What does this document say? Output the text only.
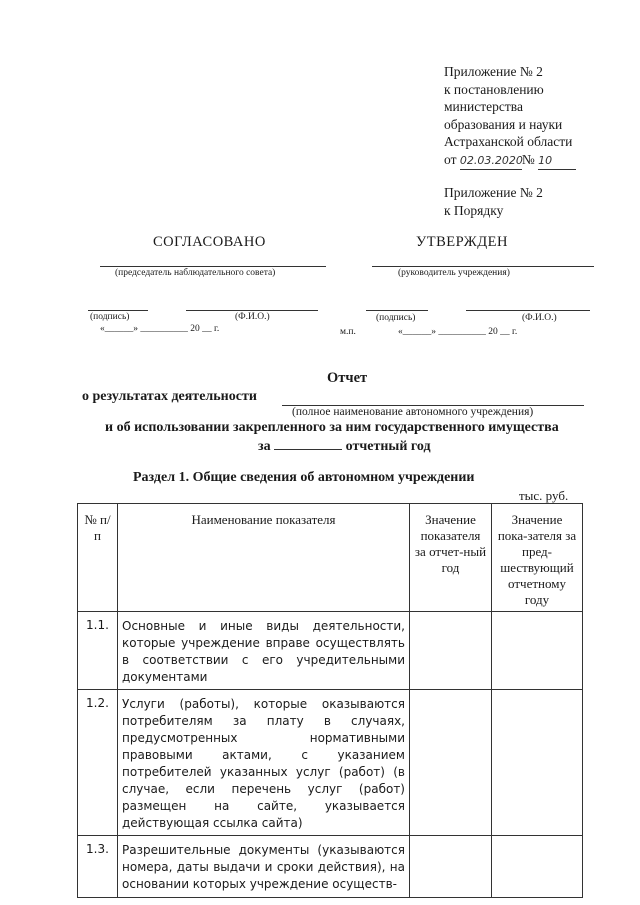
Приложение № 2
к постановлению
министерства
образования и науки
Астраханской области
от 02.03.2020№ 10
Приложение № 2
к Порядку
СОГЛАСОВАНО	УТВЕРЖДЕН
(председатель наблюдательного совета)	(руководитель учреждения)
(подпись)	(Ф.И.О.)	(подпись)	(Ф.И.О.)
«______» __________ 20 __ г.	м.п.	«______» __________ 20 __ г.
Отчет
о результатах деятельности
(полное наименование автономного учреждения)
и об использовании закрепленного за ним государственного имущества
за	отчетный год
Раздел 1. Общие сведения об автономном учреждении
тыс. руб.
№ п/п	Наименование показателя	Значение показателя за отчет-ный год	Значение пока-зателя за пред-шествующий отчетному году
1.1.	Основные и иные виды деятельности, которые учреждение вправе осуществлять в соответствии с его учредительными документами		
1.2.	Услуги (работы), которые оказываются потребителям за плату в случаях, предусмотренных нормативными правовыми актами, с указанием потребителей указанных услуг (работ) (в случае, если перечень услуг (работ) размещен на сайте, указывается действующая ссылка сайта)		
1.3.	Разрешительные документы (указываются номера, даты выдачи и сроки действия), на основании которых учреждение осуществ-		
